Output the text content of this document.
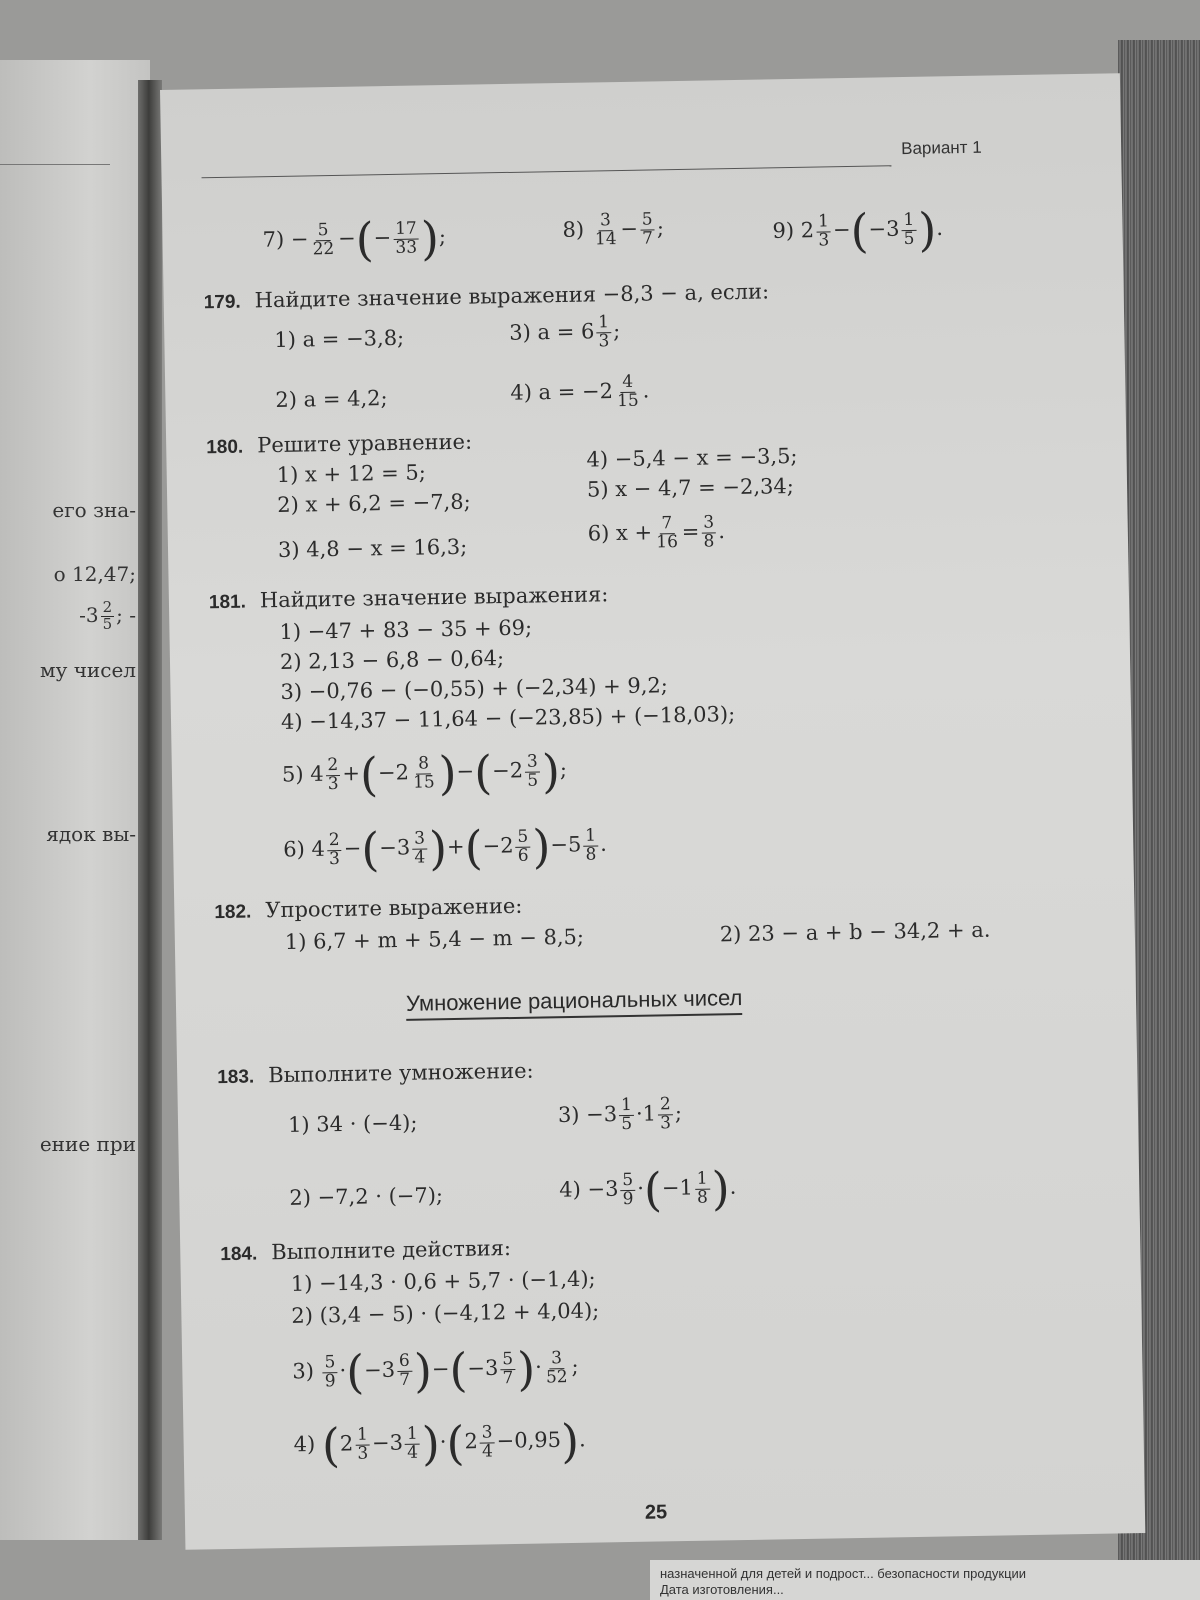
его зна-
о 12,47;
$-3 \frac{2}{5}$ ; -
му чисел
ядок вы-
ение при
назначенной для детей и подрост... безопасности продукции
Дата изготовления...
Вариант 1
$7) - \frac{5}{22}$ −(− $\frac{17}{33}$ );	$8) \frac{3}{14} - \frac{5}{7}$ ;	9) $2 \frac{1}{3} -(-3 \frac{1}{5}$ ).
179. Найдите значение выражения −8,3 − a, если:
1) a = −3,8;
2) a = 4,2;
3) $a = 6 \frac{1}{3}$ ;
4) $a = -2 \frac{4}{15}$ .
180. Решите уравнение:
1) x + 12 = 5;
2) x + 6,2 = −7,8;
3) 4,8 − x = 16,3;
4) −5,4 − x = −3,5;
5) x − 4,7 = −2,34;
6) $x + \frac{7}{16} = \frac{3}{8}$ .
181. Найдите значение выражения:
1) −47 + 83 − 35 + 69;
2) 2,13 − 6,8 − 0,64;
3) −0,76 − (−0,55) + (−2,34) + 9,2;
4) −14,37 − 11,64 − (−23,85) + (−18,03);
5) $4 \frac{2}{3} +(-2 \frac{8}{15} )-(-2 \frac{3}{5}$ );
6) $4 \frac{2}{3} -(-3 \frac{3}{4} )+(-2 \frac{5}{6} )-5 \frac{1}{8}$ .
182. Упростите выражение:
1) 6,7 + m + 5,4 − m − 8,5;	2) 23 − a + b − 34,2 + a.
Умножение рациональных чисел
183. Выполните умножение:
1) 34 · (−4);
2) −7,2 · (−7);
$3) -3 \frac{1}{5} \cdot 1 \frac{2}{3}$ ;
$4) -3 \frac{5}{9} \cdot(-1 \frac{1}{8}$ ).
184. Выполните действия:
1) −14,3 · 0,6 + 5,7 · (−1,4);
2) (3,4 − 5) · (−4,12 + 4,04);
$3) \frac{5}{9} \cdot(-3 \frac{6}{7} )-(-3 \frac{5}{7}$ )· $\frac{3}{52}$ ;
4) $(2 \frac{1}{3} -3 \frac{1}{4} )\cdot(2 \frac{3}{4} -0,95)$.
25
